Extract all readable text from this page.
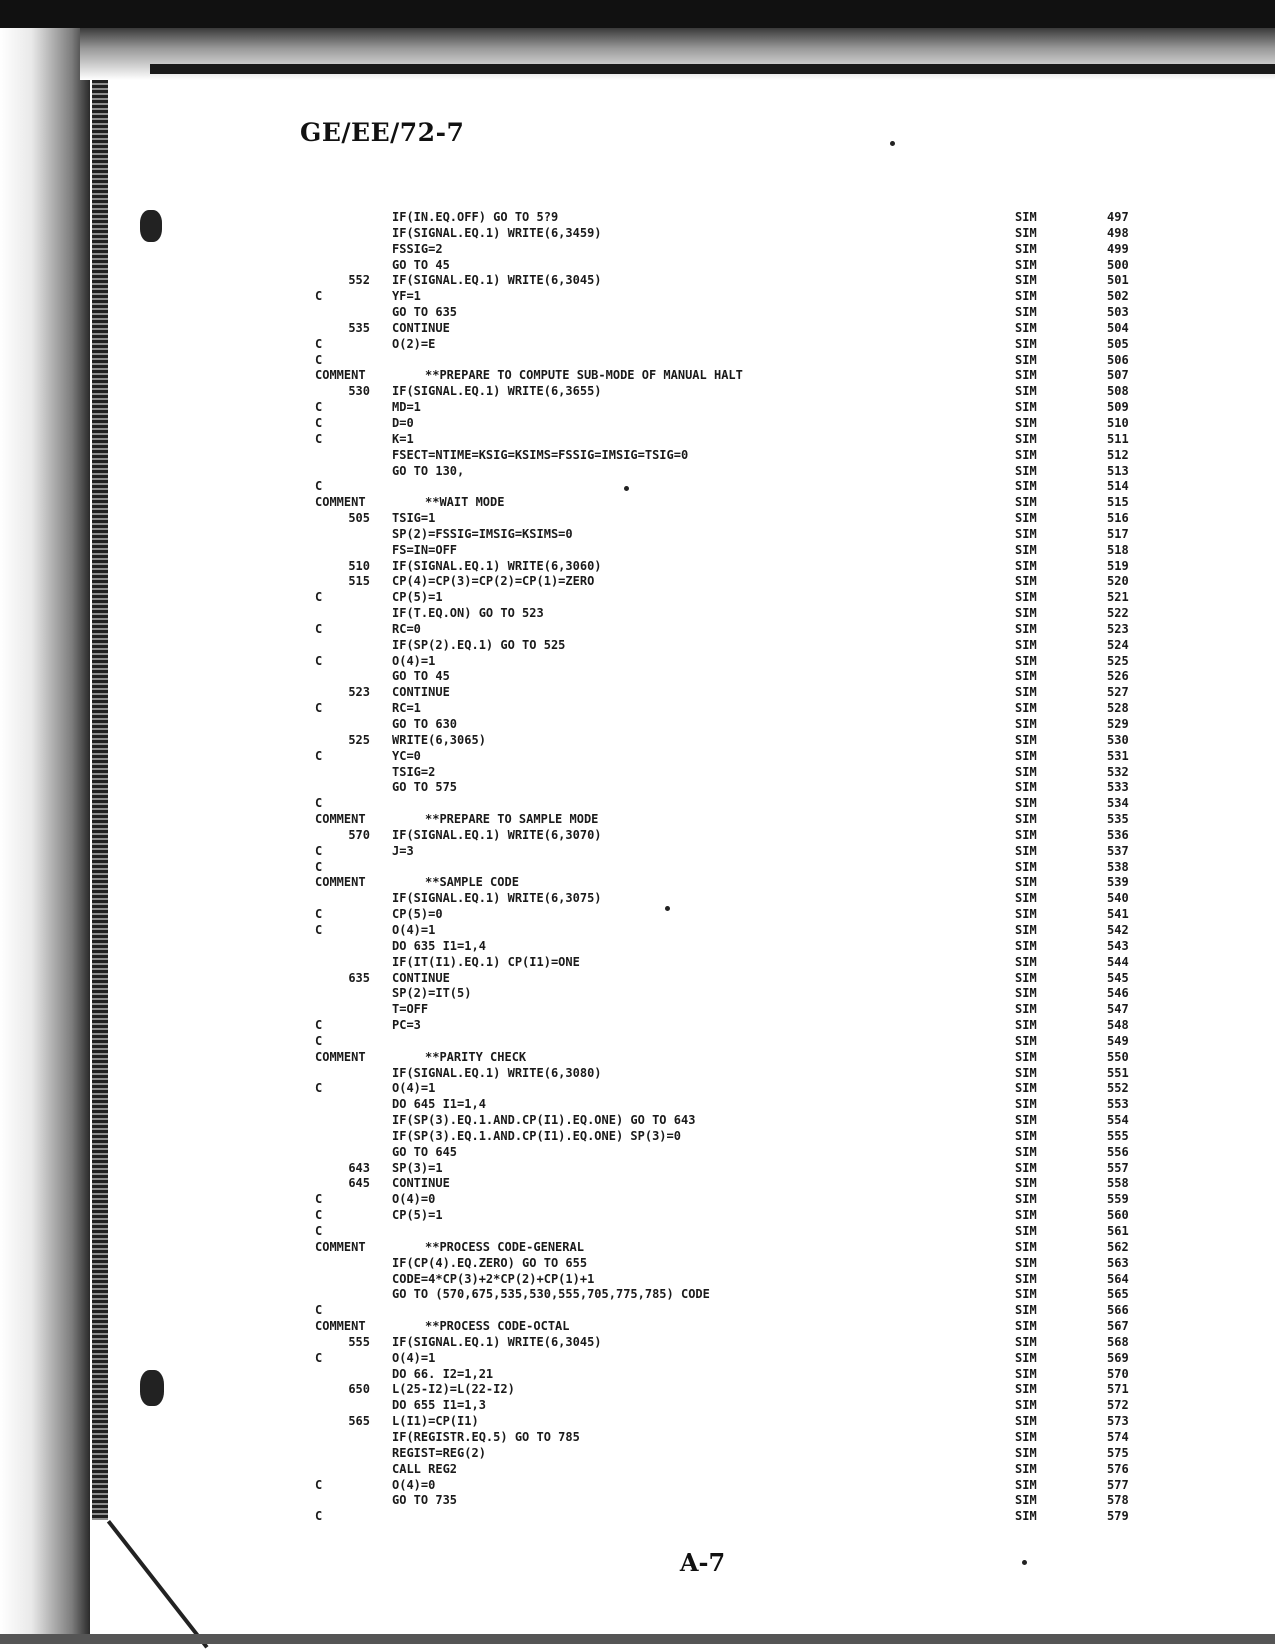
GE/EE/72-7
IF(IN.EQ.OFF) GO TO 5?9	SIM	497
IF(SIGNAL.EQ.1) WRITE(6,3459)	SIM	498
FSSIG=2	SIM	499
GO TO 45	SIM	500
552 IF(SIGNAL.EQ.1) WRITE(6,3045)	SIM	501
C	YF=1	SIM	502
GO TO 635	SIM	503
535 CONTINUE	SIM	504
C	O(2)=E	SIM	505
C	SIM	506
COMMENT	**PREPARE TO COMPUTE SUB-MODE OF MANUAL HALT	SIM	507
530 IF(SIGNAL.EQ.1) WRITE(6,3655)	SIM	508
C	MD=1	SIM	509
C	D=0	SIM	510
C	K=1	SIM	511
FSECT=NTIME=KSIG=KSIMS=FSSIG=IMSIG=TSIG=0	SIM	512
GO TO 130,	SIM	513
C	SIM	514
COMMENT	**WAIT MODE	SIM	515
505 TSIG=1	SIM	516
SP(2)=FSSIG=IMSIG=KSIMS=0	SIM	517
FS=IN=OFF	SIM	518
510 IF(SIGNAL.EQ.1) WRITE(6,3060)	SIM	519
515 CP(4)=CP(3)=CP(2)=CP(1)=ZERO	SIM	520
C	CP(5)=1	SIM	521
IF(T.EQ.ON) GO TO 523	SIM	522
C	RC=0	SIM	523
IF(SP(2).EQ.1) GO TO 525	SIM	524
C	O(4)=1	SIM	525
GO TO 45	SIM	526
523 CONTINUE	SIM	527
C	RC=1	SIM	528
GO TO 630	SIM	529
525 WRITE(6,3065)	SIM	530
C	YC=0	SIM	531
TSIG=2	SIM	532
GO TO 575	SIM	533
C	SIM	534
COMMENT	**PREPARE TO SAMPLE MODE	SIM	535
570 IF(SIGNAL.EQ.1) WRITE(6,3070)	SIM	536
C	J=3	SIM	537
C	SIM	538
COMMENT	**SAMPLE CODE	SIM	539
IF(SIGNAL.EQ.1) WRITE(6,3075)	SIM	540
C	CP(5)=0	SIM	541
C	O(4)=1	SIM	542
DO 635 I1=1,4	SIM	543
IF(IT(I1).EQ.1) CP(I1)=ONE	SIM	544
635 CONTINUE	SIM	545
SP(2)=IT(5)	SIM	546
T=OFF	SIM	547
C	PC=3	SIM	548
C	SIM	549
COMMENT	**PARITY CHECK	SIM	550
IF(SIGNAL.EQ.1) WRITE(6,3080)	SIM	551
C	O(4)=1	SIM	552
DO 645 I1=1,4	SIM	553
IF(SP(3).EQ.1.AND.CP(I1).EQ.ONE) GO TO 643	SIM	554
IF(SP(3).EQ.1.AND.CP(I1).EQ.ONE) SP(3)=0	SIM	555
GO TO 645	SIM	556
643 SP(3)=1	SIM	557
645 CONTINUE	SIM	558
C	O(4)=0	SIM	559
C	CP(5)=1	SIM	560
C	SIM	561
COMMENT	**PROCESS CODE-GENERAL	SIM	562
IF(CP(4).EQ.ZERO) GO TO 655	SIM	563
CODE=4*CP(3)+2*CP(2)+CP(1)+1	SIM	564
GO TO (570,675,535,530,555,705,775,785) CODE	SIM	565
C	SIM	566
COMMENT	**PROCESS CODE-OCTAL	SIM	567
555 IF(SIGNAL.EQ.1) WRITE(6,3045)	SIM	568
C	O(4)=1	SIM	569
DO 66. I2=1,21	SIM	570
650 L(25-I2)=L(22-I2)	SIM	571
DO 655 I1=1,3	SIM	572
565 L(I1)=CP(I1)	SIM	573
IF(REGISTR.EQ.5) GO TO 785	SIM	574
REGIST=REG(2)	SIM	575
CALL REG2	SIM	576
C	O(4)=0	SIM	577
GO TO 735	SIM	578
C	SIM	579
A-7
